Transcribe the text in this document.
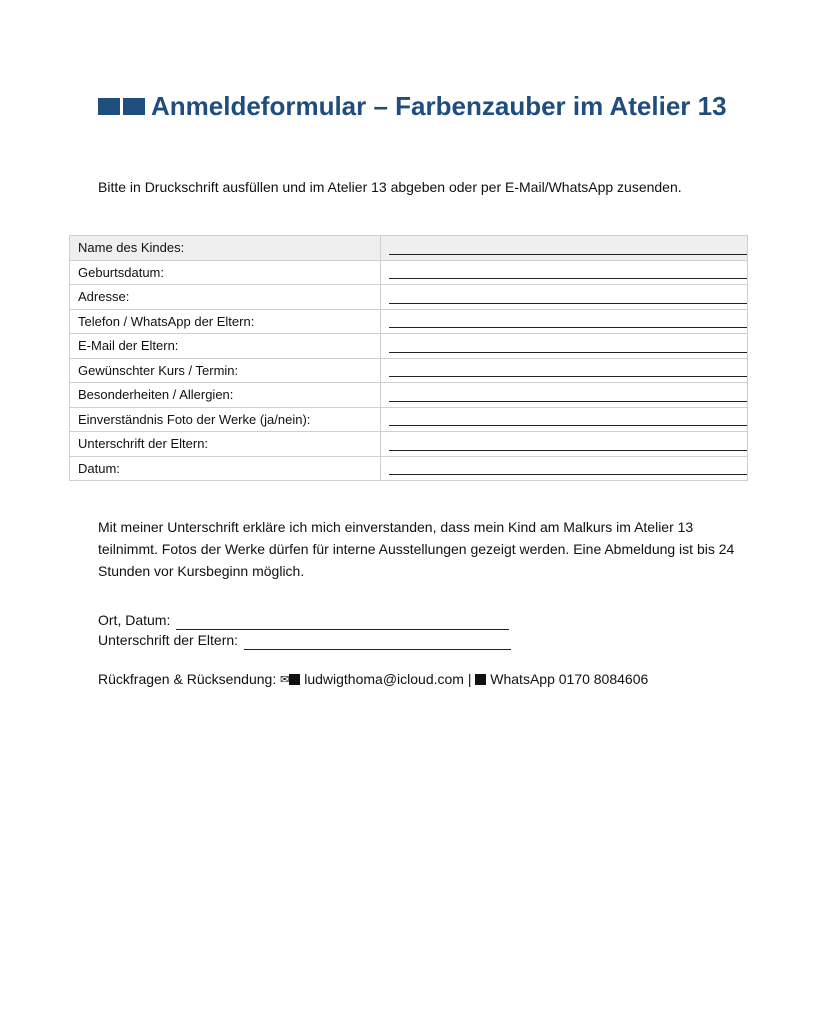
Anmeldeformular – Farbenzauber im Atelier 13

Bitte in Druckschrift ausfüllen und im Atelier 13 abgeben oder per E-Mail/WhatsApp zusenden.

Name des Kindes:	

Geburtsdatum:	

Adresse:	

Telefon / WhatsApp der Eltern:	

E-Mail der Eltern:	

Gewünschter Kurs / Termin:	

Besonderheiten / Allergien:	

Einverständnis Foto der Werke (ja/nein):	

Unterschrift der Eltern:	

Datum:	

Mit meiner Unterschrift erkläre ich mich einverstanden, dass mein Kind am Malkurs im Atelier 13 teilnimmt. Fotos der Werke dürfen für interne Ausstellungen gezeigt werden. Eine Abmeldung ist bis 24 Stunden vor Kursbeginn möglich.

Ort, Datum:
Unterschrift der Eltern:
Rückfragen & Rücksendung: ✉ ludwigthoma@icloud.com | WhatsApp 0170 8084606
